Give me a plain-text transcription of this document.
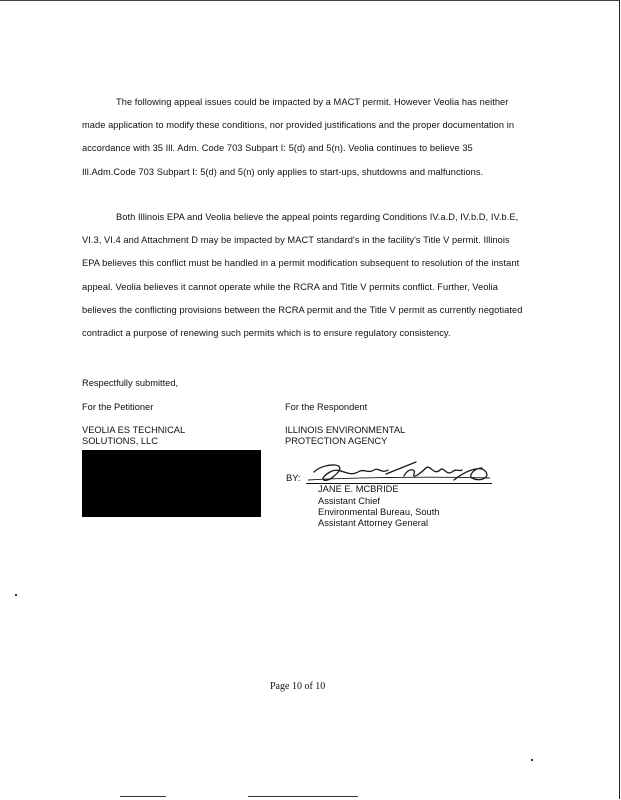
The following appeal issues could be impacted by a MACT permit. However Veolia has neither made application to modify these conditions, nor provided justifications and the proper documentation in accordance with 35 Ill. Adm. Code 703 Subpart I: 5(d) and 5(n). Veolia continues to believe 35 Ill.Adm.Code 703 Subpart I: 5(d) and 5(n) only applies to start-ups, shutdowns and malfunctions.

Both Illinois EPA and Veolia believe the appeal points regarding Conditions IV.a.D, IV.b.D, IV.b.E, VI.3, VI.4 and Attachment D may be impacted by MACT standard's in the facility's Title V permit. Illinois EPA believes this conflict must be handled in a permit modification subsequent to resolution of the instant appeal. Veolia believes it cannot operate while the RCRA and Title V permits conflict. Further, Veolia believes the conflicting provisions between the RCRA permit and the Title V permit as currently negotiated contradict a purpose of renewing such permits which is to ensure regulatory consistency.

Respectfully submitted,
For the Petitioner
VEOLIA ES TECHNICAL
SOLUTIONS, LLC
For the Respondent
ILLINOIS ENVIRONMENTAL
PROTECTION AGENCY
BY:
JANE E. MCBRIDE
Assistant Chief
Environmental Bureau, South
Assistant Attorney General
Page 10 of 10
